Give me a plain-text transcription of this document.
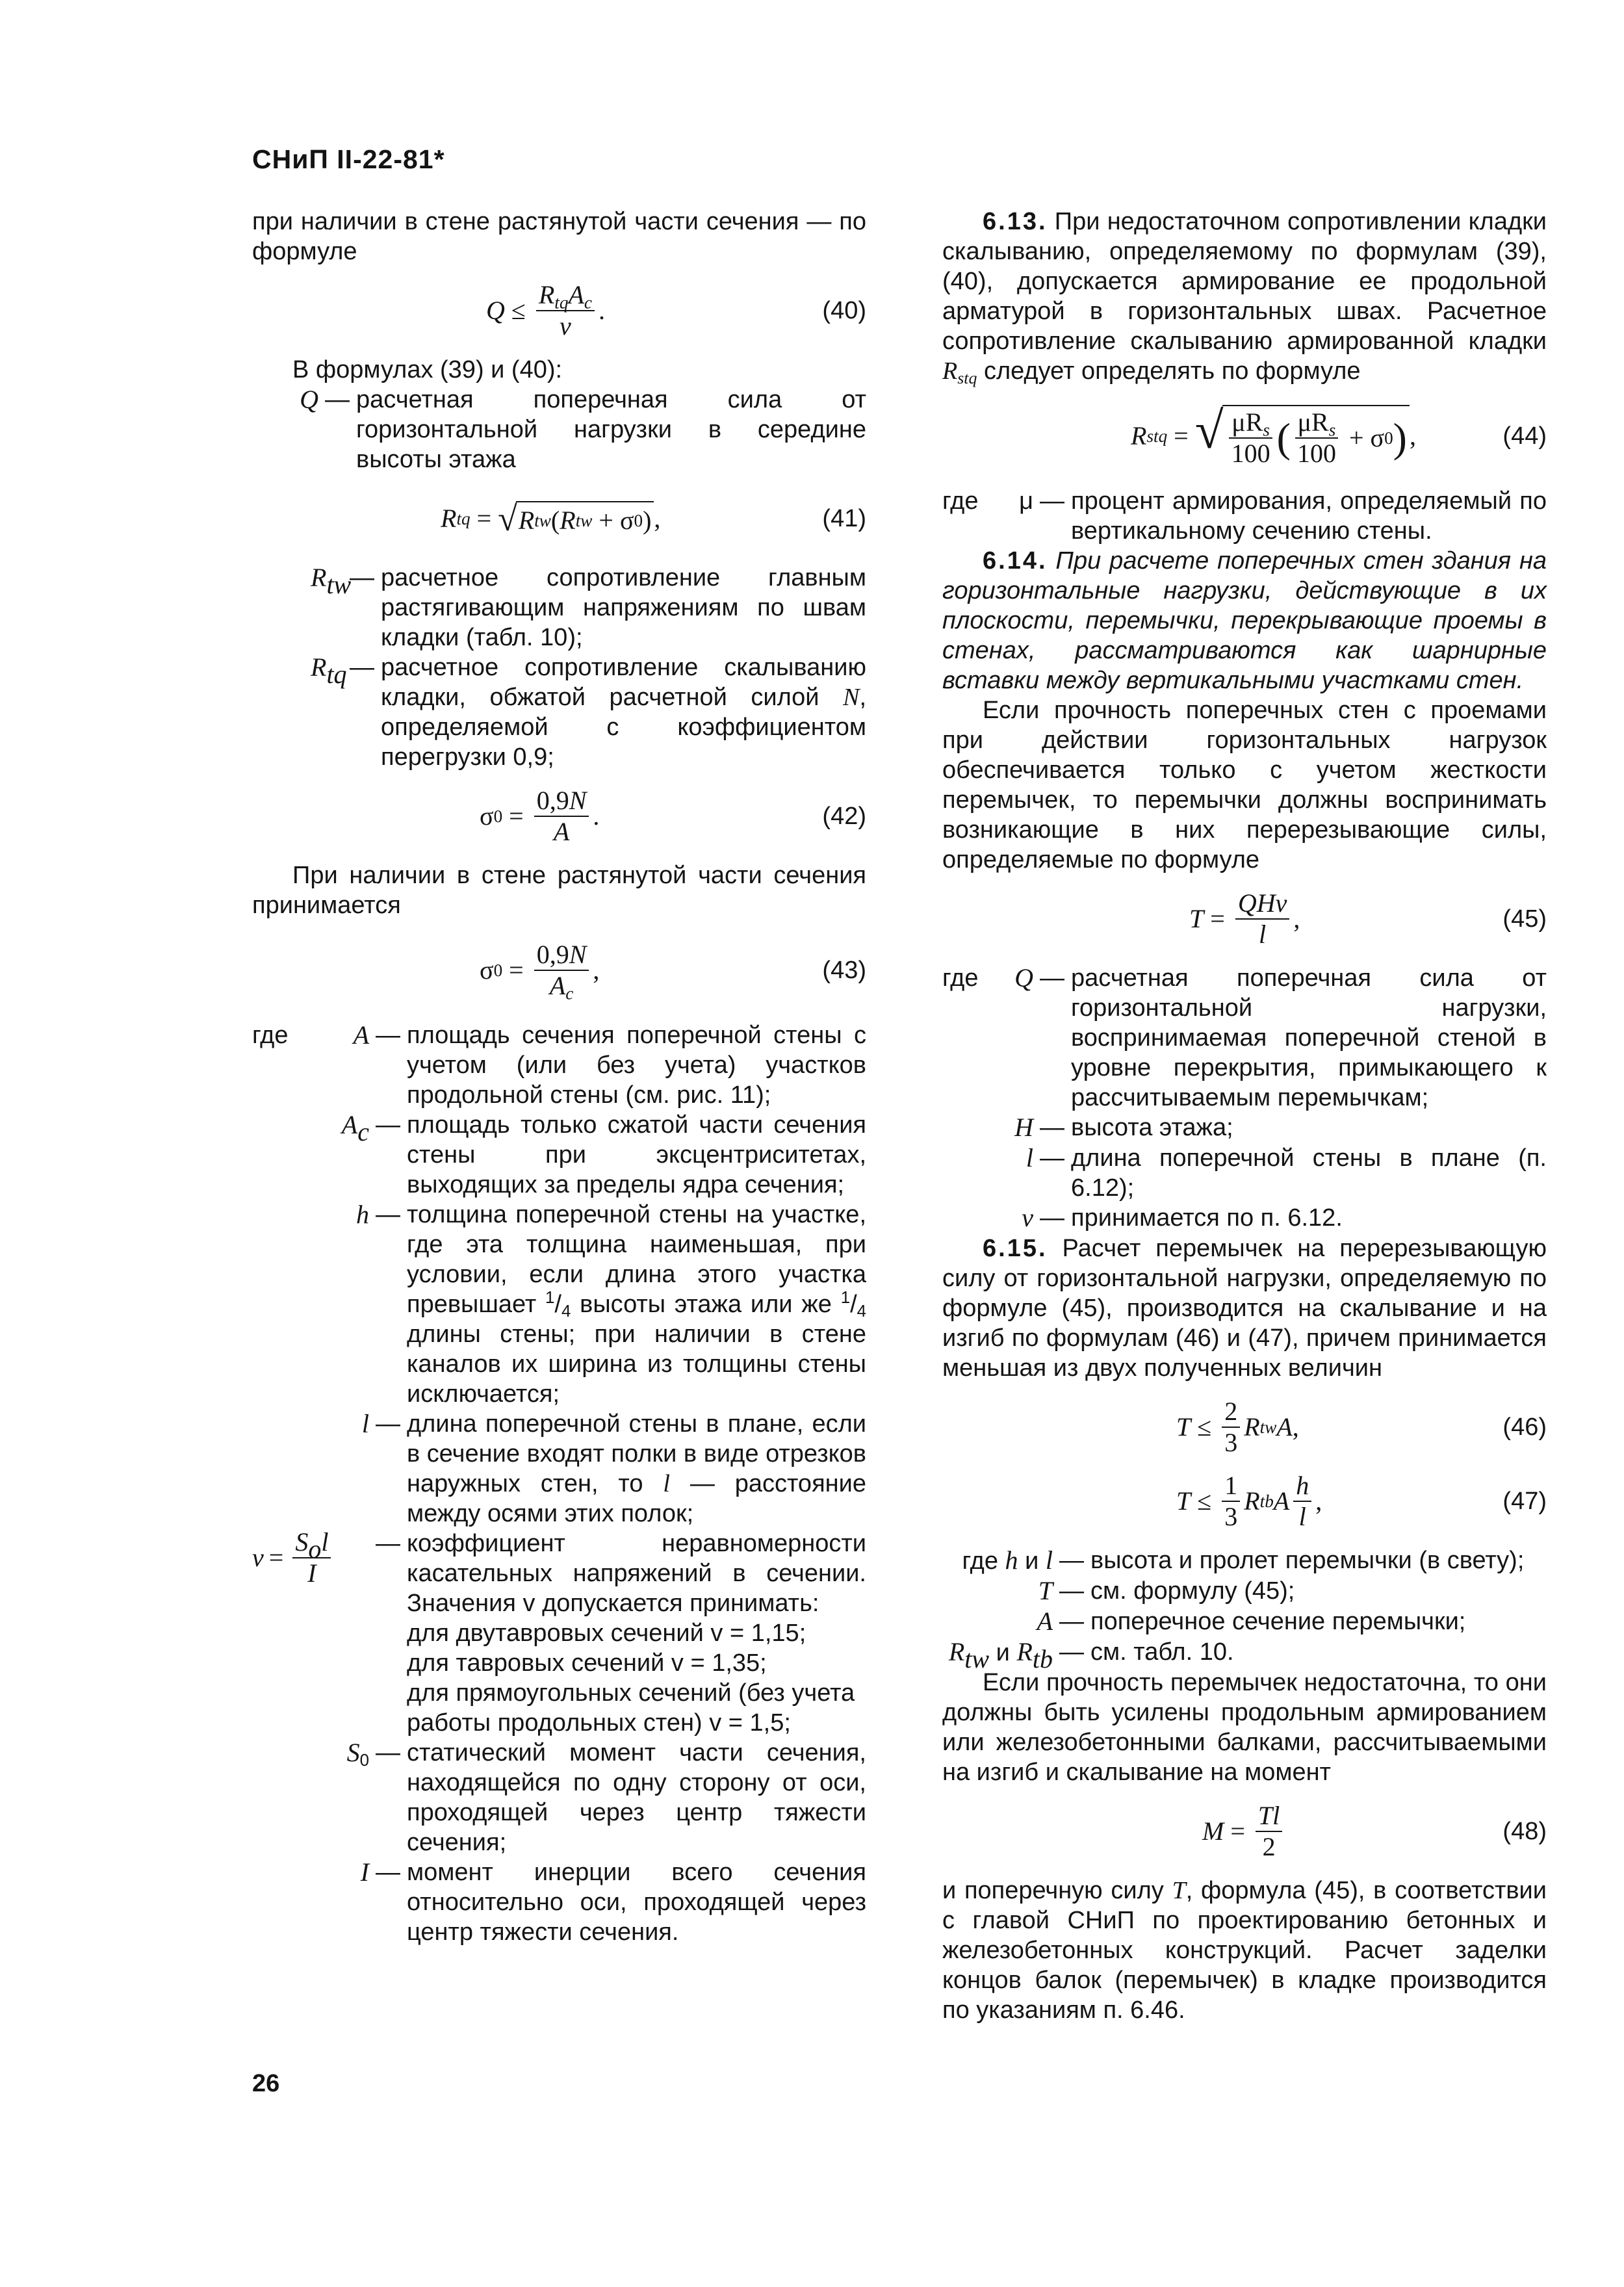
СНиП II-22-81*

при наличии в стене растянутой части сечения — по формуле

$Q \le \frac{R_{tq}A_c}{v}$ .	(40)

В формулах (39) и (40):

Q — расчетная поперечная сила от горизонтальной нагрузки в середине высоты этажа
R tq = √ R tw ( R tw + σ 0 ) ,	(41)
$R_{tw}$
— расчетное сопротивление главным растягивающим напряжениям по швам кладки (табл. 10);
$R_{tq}$ — расчетное сопротивление скалыванию кладки, обжатой расчетной силой N, определяемой с коэффициентом перегрузки 0,9;
σ $0 = \frac{0,9N}{A}$ .	(42)

При наличии в стене растянутой части сечения принимается

σ $0 = \frac{0,9N}{A_c}$ ,	(43)
где	A — площадь сечения поперечной стены с учетом (или без учета) участков продольной стены (см. рис. 11);
$A_c$ — площадь только сжатой части сечения стены при эксцентриситетах, выходящих за пределы ядра сечения;
h — толщина поперечной стены на участке, где эта толщина наименьшая, при условии, если длина этого участка превышает $^1/_4$ высоты этажа или же $^1/_4$ длины стены; при наличии в стене каналов их ширина из толщины стены исключается;
l — длина поперечной стены в плане, если в сечение входят полки в виде отрезков наружных стен, то l — расстояние между осями этих полок;
$v = \frac{S_ol}{I}$ — коэффициент неравномерности касательных напряжений в сечении. Значения v допускается принимать:

для двутавровых сечений v = 1,15;
для тавровых сечений v = 1,35;
для прямоугольных сечений (без учета работы продольных стен) v = 1,5;
$S_0$ — статический момент части сечения, находящейся по одну сторону от оси, проходящей через центр тяжести сечения;
I — момент инерции всего сечения относительно оси, проходящей через центр тяжести сечения.

6.13. При недостаточном сопротивлении кладки скалыванию, определяемому по формулам (39), (40), допускается армирование ее продольной арматурой в горизонтальных швах. Расчетное сопротивление скалыванию армированной кладки $R_{stq}$ следует определять по формуле

R stq = √ $\frac{\mu R_s}{100}$ ( $\frac{\mu R_s}{100} + \sigma$ 0 ) ,	(44)
где μ — процент армирования, определяемый по вертикальному сечению стены.

6.14. При расчете поперечных стен здания на горизонтальные нагрузки, действующие в их плоскости, перемычки, перекрывающие проемы в стенах, рассматриваются как шарнирные вставки между вертикальными участками стен.

Если прочность поперечных стен с проемами при действии горизонтальных нагрузок обеспечивается только с учетом жесткости перемычек, то перемычки должны воспринимать возникающие в них перерезывающие силы, определяемые по формуле

$T = \frac{\text{QHv}}{l}$ ,	(45)
где Q — расчетная поперечная сила от горизонтальной нагрузки, воспринимаемая поперечной стеной в уровне перекрытия, примыкающего к рассчитываемым перемычкам;
H — высота этажа;
l — длина поперечной стены в плане (п. 6.12);
v — принимается по п. 6.12.

6.15. Расчет перемычек на перерезывающую силу от горизонтальной нагрузки, определяемую по формуле (45), производится на скалывание и на изгиб по формулам (46) и (47), причем принимается меньшая из двух полученных величин

$T \le \frac{2}{3}$ R tw A ,	(46)
$T \le \frac{1}{3}$ R tb A $\frac{h}{l}$ ,	(47)
где h и l — высота и пролет перемычки (в свету);
T — см. формулу (45);
A — поперечное сечение перемычки;
$R_{tw}$ и $R_{tb}$ — см. табл. 10.

Если прочность перемычек недостаточна, то они должны быть усилены продольным армированием или железобетонными балками, рассчитываемыми на изгиб и скалывание на момент

$M = \frac{Tl}{2}$	(48)

и поперечную силу T, формула (45), в соответствии с главой СНиП по проектированию бетонных и железобетонных конструкций. Расчет заделки концов балок (перемычек) в кладке производится по указаниям п. 6.46.

26
